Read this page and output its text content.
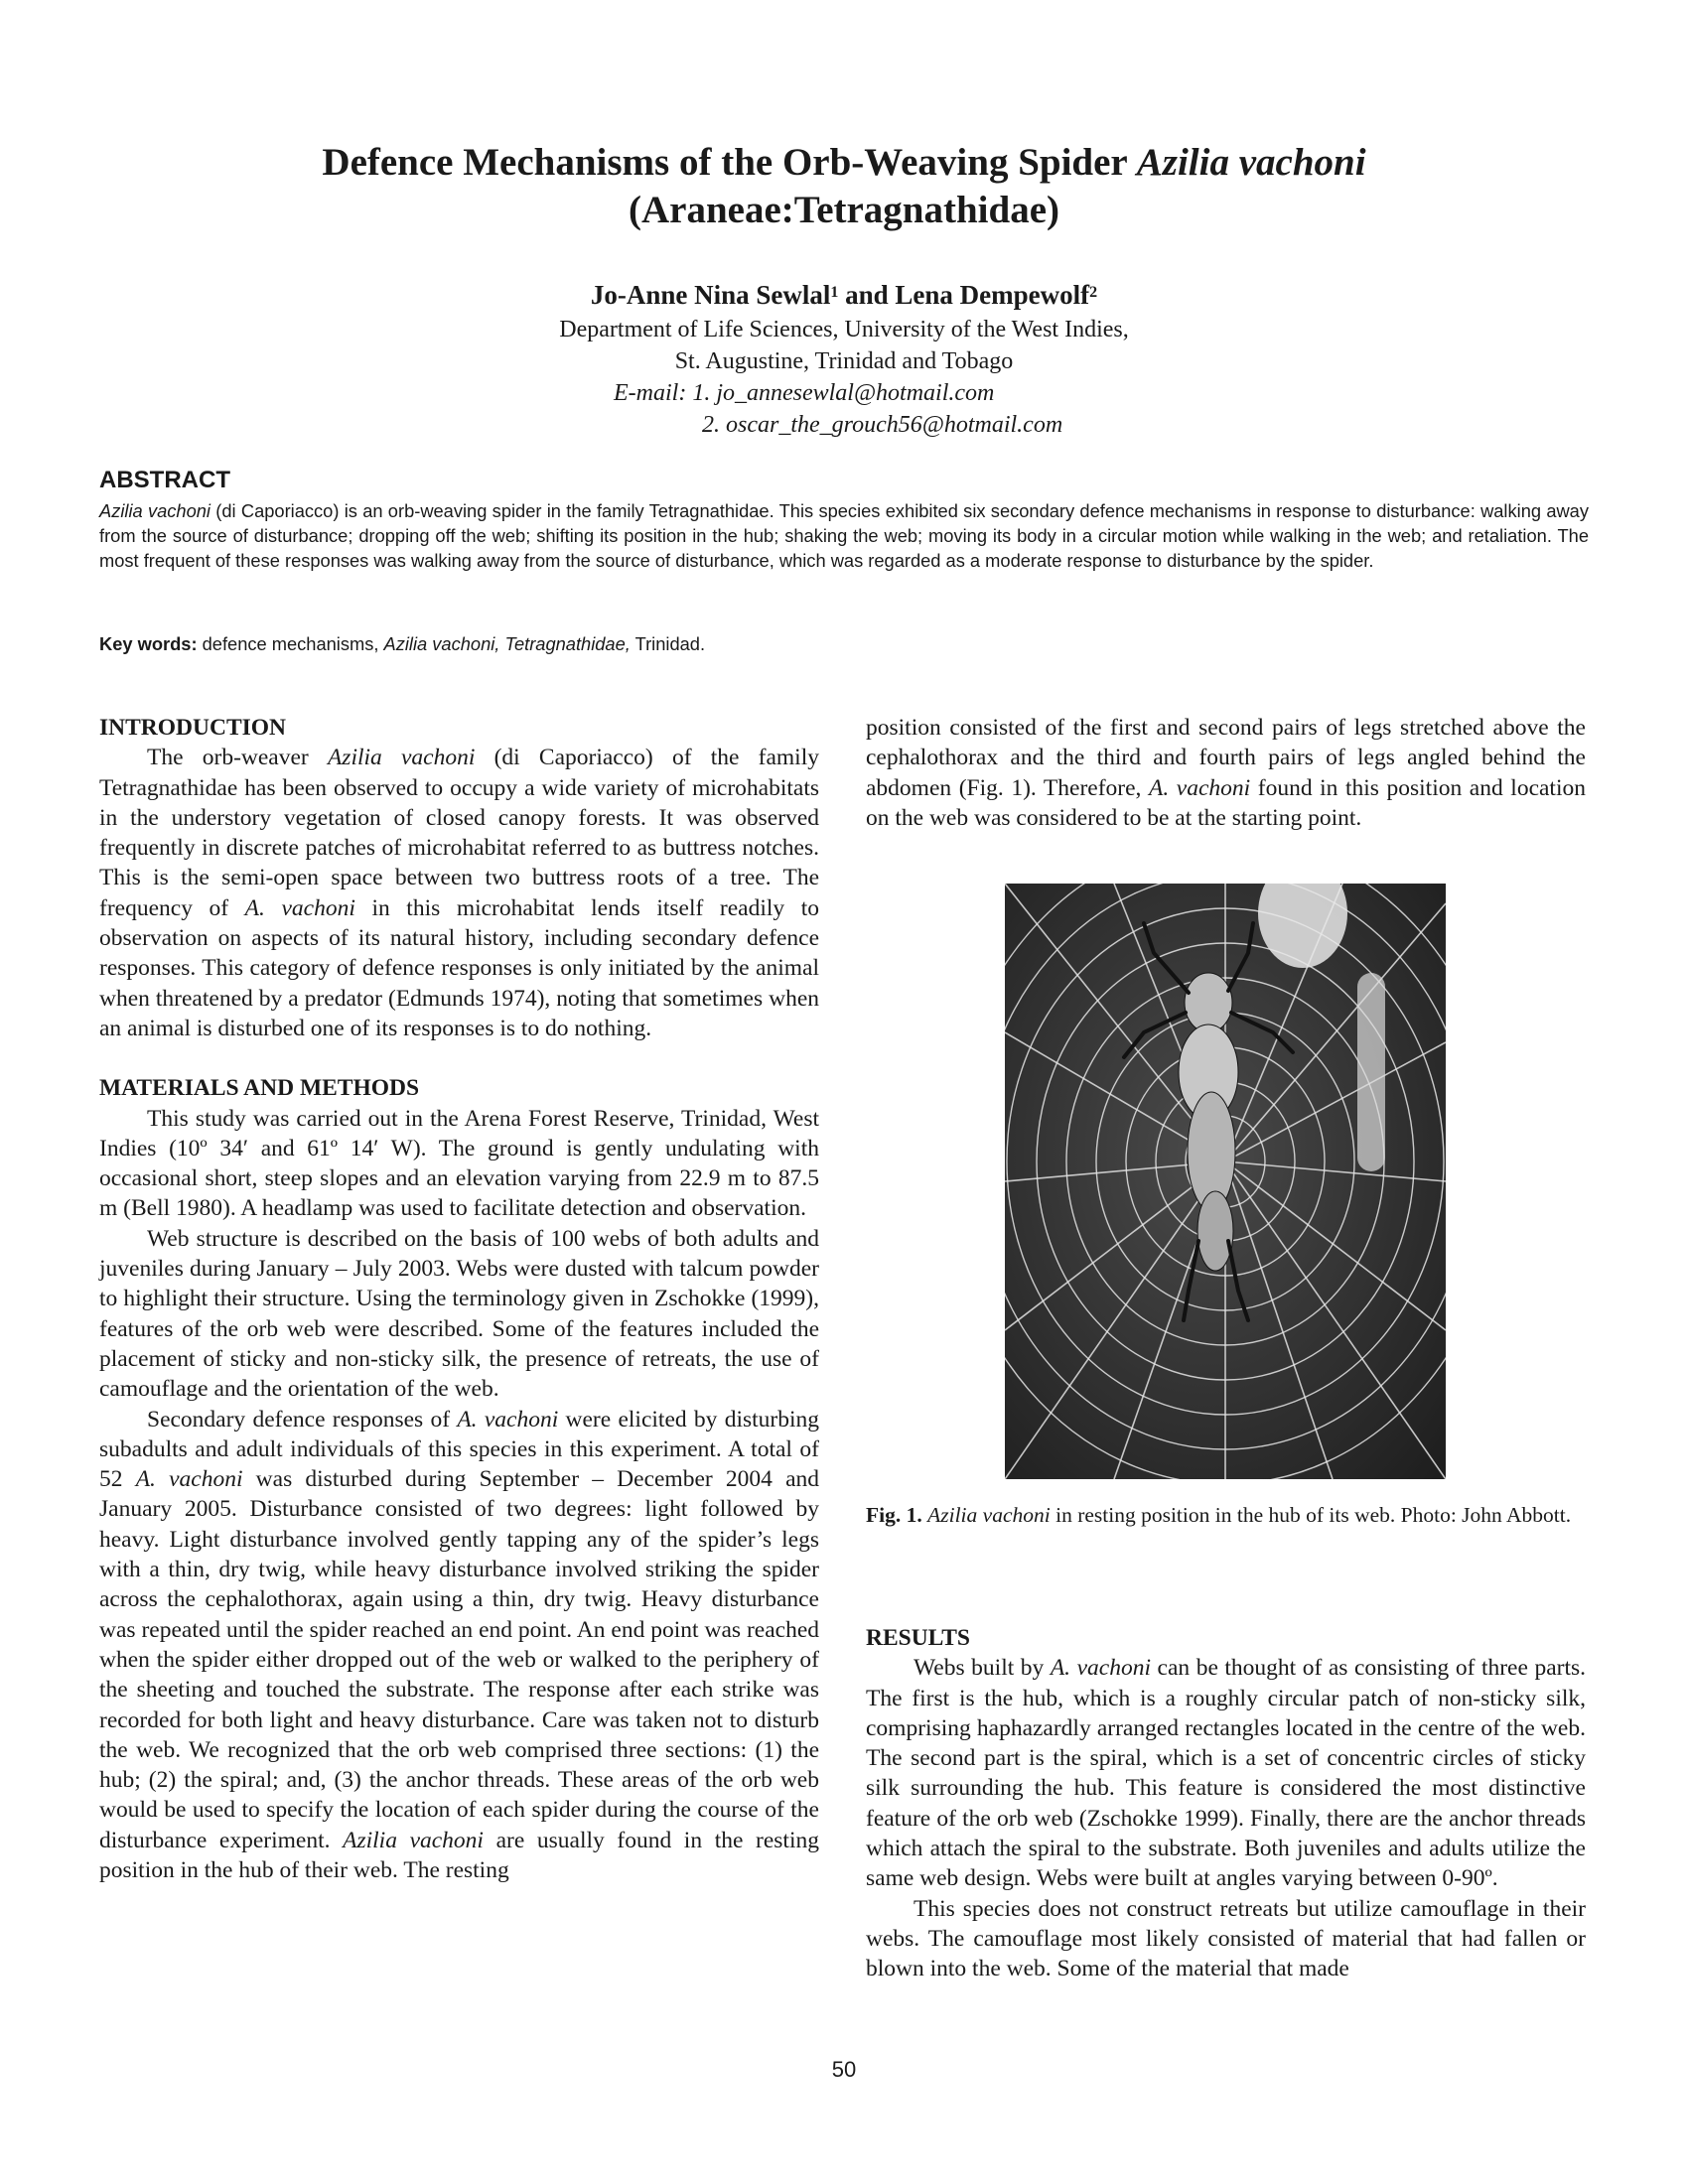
Defence Mechanisms of the Orb-Weaving Spider Azilia vachoni
(Araneae:Tetragnathidae)
Jo-Anne Nina Sewlal$^1$ and Lena Dempewolf$^2$
Department of Life Sciences, University of the West Indies,
St. Augustine, Trinidad and Tobago
E-mail: 1. jo_annesewlal@hotmail.com
2. oscar_the_grouch56@hotmail.com
ABSTRACT
Azilia vachoni (di Caporiacco) is an orb-weaving spider in the family Tetragnathidae. This species exhibited six secondary defence mechanisms in response to disturbance: walking away from the source of disturbance; dropping off the web; shifting its position in the hub; shaking the web; moving its body in a circular motion while walking in the web; and retaliation. The most frequent of these responses was walking away from the source of disturbance, which was regarded as a moderate response to disturbance by the spider.
Key words: defence mechanisms, Azilia vachoni, Tetragnathidae, Trinidad.
INTRODUCTION

The orb-weaver Azilia vachoni (di Caporiacco) of the family Tetragnathidae has been observed to occupy a wide variety of microhabitats in the understory vegetation of closed canopy forests. It was observed frequently in discrete patches of microhabitat referred to as buttress notches. This is the semi-open space between two buttress roots of a tree. The frequency of A. vachoni in this microhabitat lends itself readily to observation on aspects of its natural history, including secondary defence responses. This category of defence responses is only initiated by the animal when threatened by a predator (Edmunds 1974), noting that sometimes when an animal is disturbed one of its responses is to do nothing.

MATERIALS AND METHODS

This study was carried out in the Arena Forest Reserve, Trinidad, West Indies (10º 34′ and 61º 14′ W). The ground is gently undulating with occasional short, steep slopes and an elevation varying from 22.9 m to 87.5 m (Bell 1980). A headlamp was used to facilitate detection and observation.

Web structure is described on the basis of 100 webs of both adults and juveniles during January – July 2003. Webs were dusted with talcum powder to highlight their structure. Using the terminology given in Zschokke (1999), features of the orb web were described. Some of the features included the placement of sticky and non-sticky silk, the presence of retreats, the use of camouflage and the orientation of the web.

Secondary defence responses of A. vachoni were elicited by disturbing subadults and adult individuals of this species in this experiment. A total of 52 A. vachoni was disturbed during September – December 2004 and January 2005. Disturbance consisted of two degrees: light followed by heavy. Light disturbance involved gently tapping any of the spider’s legs with a thin, dry twig, while heavy disturbance involved striking the spider across the cephalothorax, again using a thin, dry twig. Heavy disturbance was repeated until the spider reached an end point. An end point was reached when the spider either dropped out of the web or walked to the periphery of the sheeting and touched the substrate. The response after each strike was recorded for both light and heavy disturbance. Care was taken not to disturb the web. We recognized that the orb web comprised three sections: (1) the hub; (2) the spiral; and, (3) the anchor threads. These areas of the orb web would be used to specify the location of each spider during the course of the disturbance experiment. Azilia vachoni are usually found in the resting position in the hub of their web. The resting

position consisted of the first and second pairs of legs stretched above the cephalothorax and the third and fourth pairs of legs angled behind the abdomen (Fig. 1). Therefore, A. vachoni found in this position and location on the web was considered to be at the starting point.

Fig. 1. Azilia vachoni in resting position in the hub of its web. Photo: John Abbott.
RESULTS

Webs built by A. vachoni can be thought of as consisting of three parts. The first is the hub, which is a roughly circular patch of non-sticky silk, comprising haphazardly arranged rectangles located in the centre of the web. The second part is the spiral, which is a set of concentric circles of sticky silk surrounding the hub. This feature is considered the most distinctive feature of the orb web (Zschokke 1999). Finally, there are the anchor threads which attach the spiral to the substrate. Both juveniles and adults utilize the same web design. Webs were built at angles varying between 0-90º.

This species does not construct retreats but utilize camouflage in their webs. The camouflage most likely consisted of material that had fallen or blown into the web. Some of the material that made

50
